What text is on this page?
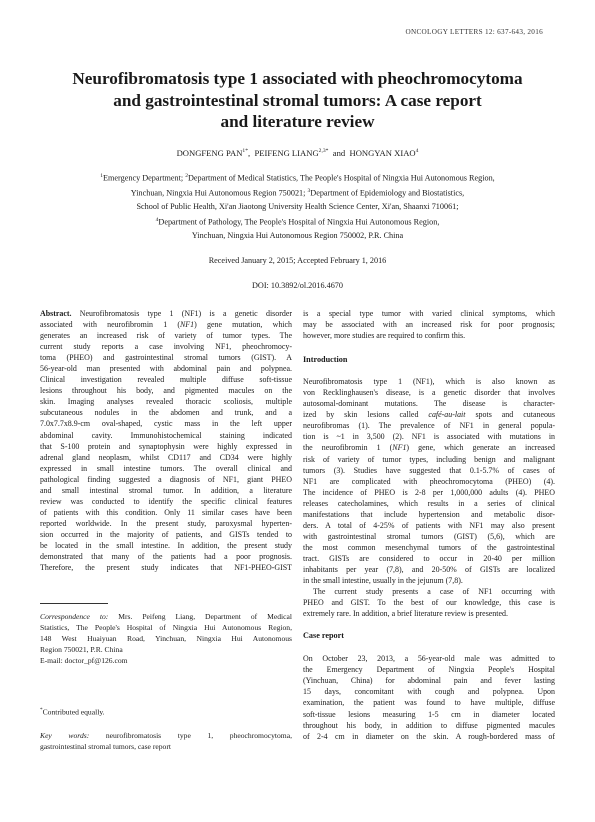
ONCOLOGY LETTERS 12: 637-643, 2016
Neurofibromatosis type 1 associated with pheochromocytoma
and gastrointestinal stromal tumors: A case report
and literature review
DONGFENG $PAN^{1*}$,  PEIFENG $LIANG^{2,3*}$  and  HONGYAN XIAO$^4$
$^1$Emergency Department; $^2$Department of Medical Statistics, The People's Hospital of Ningxia Hui Autonomous Region,
Yinchuan, Ningxia Hui Autonomous Region 750021; $^3$Department of Epidemiology and Biostatistics,
School of Public Health, Xi'an Jiaotong University Health Science Center, Xi'an, Shaanxi 710061;
$^4$Department of Pathology, The People's Hospital of Ningxia Hui Autonomous Region,
Yinchuan, Ningxia Hui Autonomous Region 750002, P.R. China
Received January 2, 2015; Accepted February 1, 2016
DOI: 10.3892/ol.2016.4670
Abstract. Neurofibromatosis type 1 (NF1) is a genetic disorder
associated with neurofibromin 1 (NF1) gene mutation, which
generates an increased risk of variety of tumor types. The
current study reports a case involving NF1, pheochromocy-
toma (PHEO) and gastrointestinal stromal tumors (GIST). A
56-year-old man presented with abdominal pain and polypnea.
Clinical investigation revealed multiple diffuse soft-tissue
lesions throughout his body, and pigmented macules on the
skin. Imaging analyses revealed thoracic scoliosis, multiple
subcutaneous nodules in the abdomen and trunk, and a
7.0x7.7x8.9-cm oval-shaped, cystic mass in the left upper
abdominal cavity. Immunohistochemical staining indicated
that S-100 protein and synaptophysin were highly expressed in
adrenal gland neoplasm, whilst CD117 and CD34 were highly
expressed in small intestine tumors. The overall clinical and
pathological finding suggested a diagnosis of NF1, giant PHEO
and small intestinal stromal tumor. In addition, a literature
review was conducted to identify the specific clinical features
of patients with this condition. Only 11 similar cases have been
reported worldwide. In the present study, paroxysmal hyperten-
sion occurred in the majority of patients, and GISTs tended to
be located in the small intestine. In addition, the present study
demonstrated that many of the patients had a poor prognosis.
Therefore, the present study indicates that NF1-PHEO-GIST
Correspondence to: Mrs. Peifeng Liang, Department of Medical
Statistics, The People's Hospital of Ningxia Hui Autonomous Region,
148 West Huaiyuan Road, Yinchuan, Ningxia Hui Autonomous
Region 750021, P.R. China
E-mail: doctor_pf@126.com
*Contributed equally.
Key words: neurofibromatosis type 1, pheochromocytoma,
gastrointestinal stromal tumors, case report
is a special type tumor with varied clinical symptoms, which
may be associated with an increased risk for poor prognosis;
however, more studies are required to confirm this.
Introduction
Neurofibromatosis type 1 (NF1), which is also known as
von Recklinghausen's disease, is a genetic disorder that involves
autosomal-dominant mutations. The disease is character-
ized by skin lesions called café-au-lait spots and cutaneous
neurofibromas (1). The prevalence of NF1 in general popula-
tion is ~1 in 3,500 (2). NF1 is associated with mutations in
the neurofibromin 1 (NF1) gene, which generate an increased
risk of variety of tumor types, including benign and malignant
tumors (3). Studies have suggested that 0.1-5.7% of cases of
NF1 are complicated with pheochromocytoma (PHEO) (4).
The incidence of PHEO is 2-8 per 1,000,000 adults (4). PHEO
releases catecholamines, which results in a series of clinical
manifestations that include hypertension and metabolic disor-
ders. A total of 4-25% of patients with NF1 may also present
with gastrointestinal stromal tumors (GIST) (5,6), which are
the most common mesenchymal tumors of the gastrointestinal
tract. GISTs are considered to occur in 20-40 per million
inhabitants per year (7,8), and 20-50% of GISTs are localized
in the small intestine, usually in the jejunum (7,8).
The current study presents a case of NF1 occurring with
PHEO and GIST. To the best of our knowledge, this case is
extremely rare. In addition, a brief literature review is presented.
Case report
On October 23, 2013, a 56-year-old male was admitted to
the Emergency Department of Ningxia People's Hospital
(Yinchuan, China) for abdominal pain and fever lasting
15 days, concomitant with cough and polypnea. Upon
examination, the patient was found to have multiple, diffuse
soft-tissue lesions measuring 1-5 cm in diameter located
throughout his body, in addition to diffuse pigmented macules
of 2-4 cm in diameter on the skin. A rough-bordered mass of
